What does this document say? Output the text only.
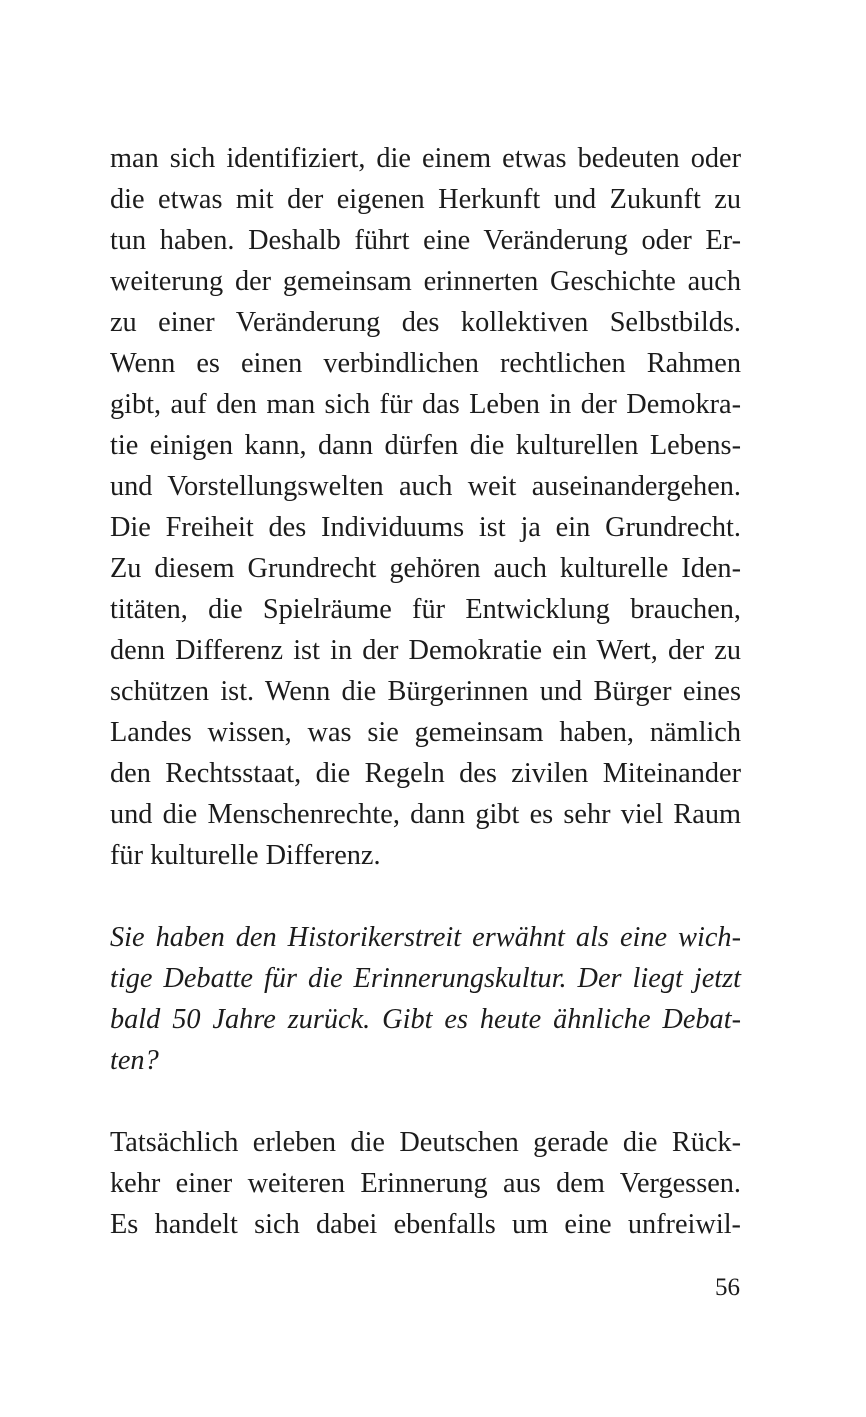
man sich identifiziert, die einem etwas bedeuten oder
die etwas mit der eigenen Herkunft und Zukunft zu
tun haben. Deshalb führt eine Veränderung oder Er-
weiterung der gemeinsam erinnerten Geschichte auch
zu einer Veränderung des kollektiven Selbstbilds.
Wenn es einen verbindlichen rechtlichen Rahmen
gibt, auf den man sich für das Leben in der Demokra-
tie einigen kann, dann dürfen die kulturellen Lebens-
und Vorstellungswelten auch weit auseinandergehen.
Die Freiheit des Individuums ist ja ein Grundrecht.
Zu diesem Grundrecht gehören auch kulturelle Iden-
titäten, die Spielräume für Entwicklung brauchen,
denn Differenz ist in der Demokratie ein Wert, der zu
schützen ist. Wenn die Bürgerinnen und Bürger eines
Landes wissen, was sie gemeinsam haben, nämlich
den Rechtsstaat, die Regeln des zivilen Miteinander
und die Menschenrechte, dann gibt es sehr viel Raum
für kulturelle Differenz.
Sie haben den Historikerstreit erwähnt als eine wich-
tige Debatte für die Erinnerungskultur. Der liegt jetzt
bald 50 Jahre zurück. Gibt es heute ähnliche Debat-
ten?
Tatsächlich erleben die Deutschen gerade die Rück-
kehr einer weiteren Erinnerung aus dem Vergessen.
Es handelt sich dabei ebenfalls um eine unfreiwil-
56
